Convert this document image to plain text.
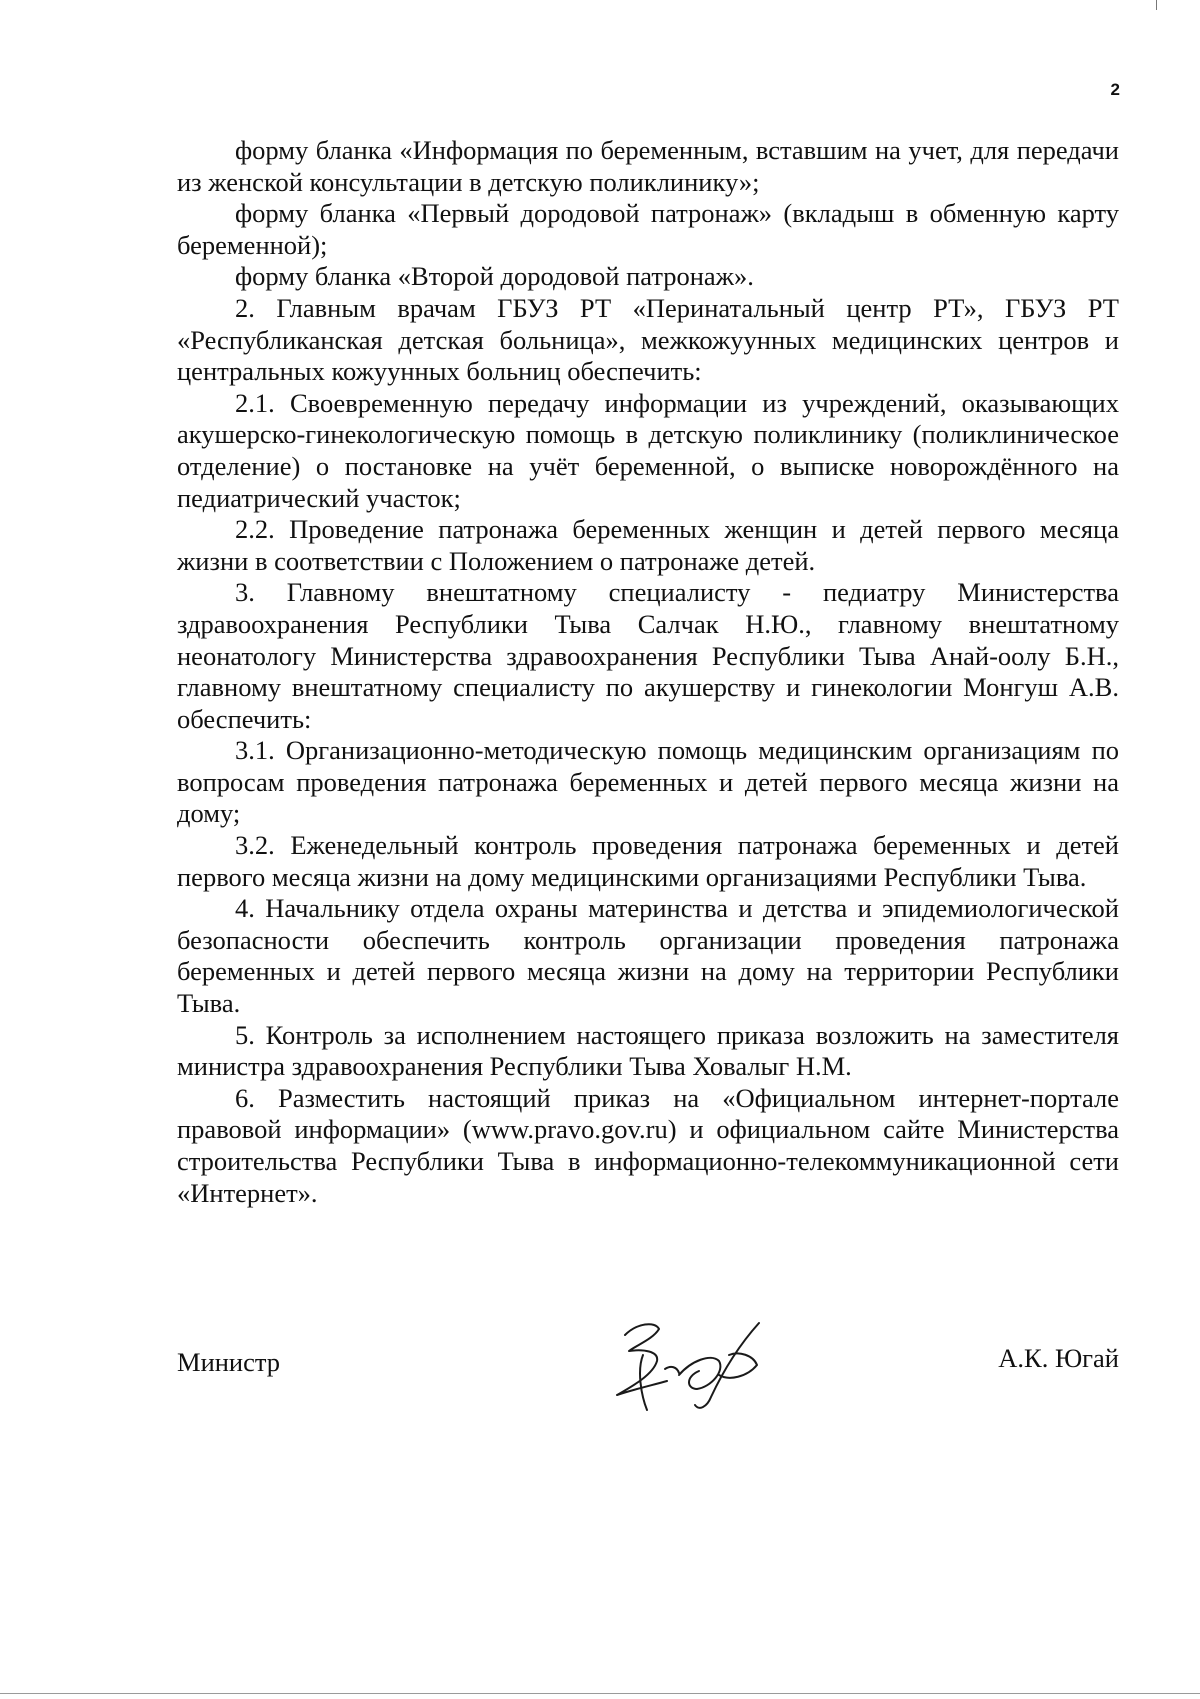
2

форму бланка «Информация по беременным, вставшим на учет, для передачи из женской консультации в детскую поликлинику»;

форму бланка «Первый дородовой патронаж» (вкладыш в обменную карту беременной);

форму бланка «Второй дородовой патронаж».

2. Главным врачам ГБУЗ РТ «Перинатальный центр РТ», ГБУЗ РТ «Республиканская детская больница», межкожуунных медицинских центров и центральных кожуунных больниц обеспечить:

2.1. Своевременную передачу информации из учреждений, оказывающих акушерско-гинекологическую помощь в детскую поликлинику (поликлиническое отделение) о постановке на учёт беременной, о выписке новорождённого на педиатрический участок;

2.2. Проведение патронажа беременных женщин и детей первого месяца жизни в соответствии с Положением о патронаже детей.

3. Главному внештатному специалисту - педиатру Министерства здравоохранения Республики Тыва Салчак Н.Ю., главному внештатному неонатологу Министерства здравоохранения Республики Тыва Анай-оолу Б.Н., главному внештатному специалисту по акушерству и гинекологии Монгуш А.В. обеспечить:

3.1. Организационно-методическую помощь медицинским организациям по вопросам проведения патронажа беременных и детей первого месяца жизни на дому;

3.2. Еженедельный контроль проведения патронажа беременных и детей первого месяца жизни на дому медицинскими организациями Республики Тыва.

4. Начальнику отдела охраны материнства и детства и эпидемиологической безопасности обеспечить контроль организации проведения патронажа беременных и детей первого месяца жизни на дому на территории Республики Тыва.

5. Контроль за исполнением настоящего приказа возложить на заместителя министра здравоохранения Республики Тыва Ховалыг Н.М.

6. Разместить настоящий приказ на «Официальном интернет-портале правовой информации» (www.pravo.gov.ru) и официальном сайте Министерства строительства Республики Тыва в информационно-телекоммуникационной сети «Интернет».

Министр	А.К. Югай
